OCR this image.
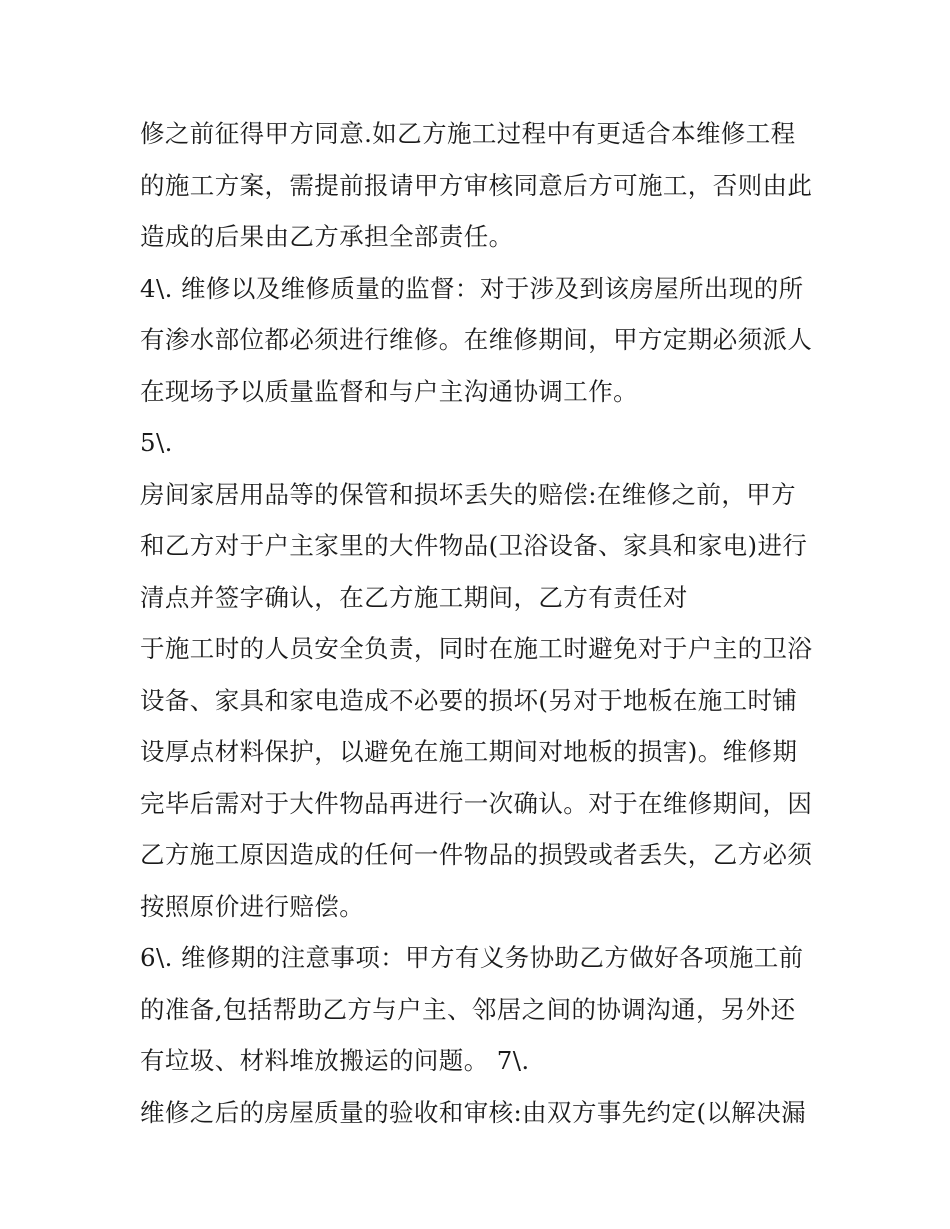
修之前征得甲方同意.如乙方施工过程中有更适合本维修工程
的施工方案，需提前报请甲方审核同意后方可施工，否则由此
造成的后果由乙方承担全部责任。
4\. 维修以及维修质量的监督：对于涉及到该房屋所出现的所
有渗水部位都必须进行维修。在维修期间，甲方定期必须派人
在现场予以质量监督和与户主沟通协调工作。
5\.
房间家居用品等的保管和损坏丢失的赔偿:在维修之前，甲方
和乙方对于户主家里的大件物品(卫浴设备、家具和家电)进行
清点并签字确认，在乙方施工期间，乙方有责任对
于施工时的人员安全负责，同时在施工时避免对于户主的卫浴
设备、家具和家电造成不必要的损坏(另对于地板在施工时铺
设厚点材料保护，以避免在施工期间对地板的损害)。维修期
完毕后需对于大件物品再进行一次确认。对于在维修期间，因
乙方施工原因造成的任何一件物品的损毁或者丢失，乙方必须
按照原价进行赔偿。
6\. 维修期的注意事项：甲方有义务协助乙方做好各项施工前
的准备,包括帮助乙方与户主、邻居之间的协调沟通，另外还
有垃圾、材料堆放搬运的问题。 7\.
维修之后的房屋质量的验收和审核:由双方事先约定(以解决漏
